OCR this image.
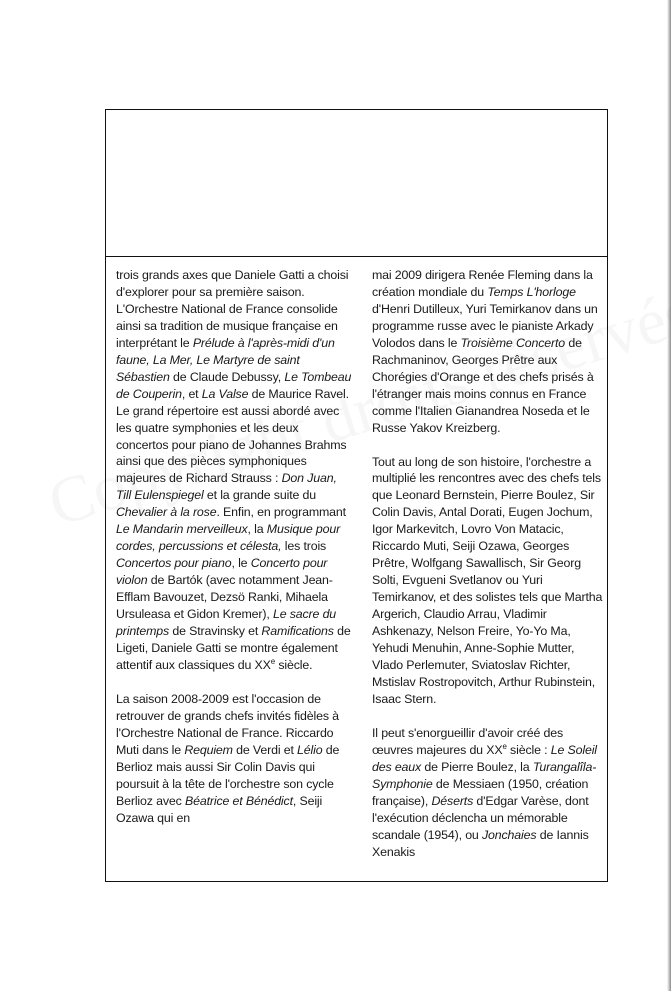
trois grands axes que Daniele Gatti a choisi d'explorer pour sa première saison. L'Orchestre National de France consolide ainsi sa tradition de musique française en interprétant le Prélude à l'après-midi d'un faune, La Mer, Le Martyre de saint Sébastien de Claude Debussy, Le Tombeau de Couperin, et La Valse de Maurice Ravel. Le grand répertoire est aussi abordé avec les quatre symphonies et les deux concertos pour piano de Johannes Brahms ainsi que des pièces symphoniques majeures de Richard Strauss : Don Juan, Till Eulenspiegel et la grande suite du Chevalier à la rose. Enfin, en programmant Le Mandarin merveilleux, la Musique pour cordes, percussions et célesta, les trois Concertos pour piano, le Concerto pour violon de Bartók (avec notamment Jean-Efflam Bavouzet, Dezsö Ranki, Mihaela Ursuleasa et Gidon Kremer), Le sacre du printemps de Stravinsky et Ramifications de Ligeti, Daniele Gatti se montre également attentif aux classiques du XXe siècle.

La saison 2008-2009 est l'occasion de retrouver de grands chefs invités fidèles à l'Orchestre National de France. Riccardo Muti dans le Requiem de Verdi et Lélio de Berlioz mais aussi Sir Colin Davis qui poursuit à la tête de l'orchestre son cycle Berlioz avec Béatrice et Bénédict, Seiji Ozawa qui en

mai 2009 dirigera Renée Fleming dans la création mondiale du Temps L'horloge d'Henri Dutilleux, Yuri Temirkanov dans un programme russe avec le pianiste Arkady Volodos dans le Troisième Concerto de Rachmaninov, Georges Prêtre aux Chorégies d'Orange et des chefs prisés à l'étranger mais moins connus en France comme l'Italien Gianandrea Noseda et le Russe Yakov Kreizberg.

Tout au long de son histoire, l'orchestre a multiplié les rencontres avec des chefs tels que Leonard Bernstein, Pierre Boulez, Sir Colin Davis, Antal Dorati, Eugen Jochum, Igor Markevitch, Lovro Von Matacic, Riccardo Muti, Seiji Ozawa, Georges Prêtre, Wolfgang Sawallisch, Sir Georg Solti, Evgueni Svetlanov ou Yuri Temirkanov, et des solistes tels que Martha Argerich, Claudio Arrau, Vladimir Ashkenazy, Nelson Freire, Yo-Yo Ma, Yehudi Menuhin, Anne-Sophie Mutter, Vlado Perlemuter, Sviatoslav Richter, Mstislav Rostropovitch, Arthur Rubinstein, Isaac Stern.

Il peut s'enorgueillir d'avoir créé des œuvres majeures du XXe siècle : Le Soleil des eaux de Pierre Boulez, la Turangalîla-Symphonie de Messiaen (1950, création française), Déserts d'Edgar Varèse, dont l'exécution déclencha un mémorable scandale (1954), ou Jonchaies de Iannis Xenakis
